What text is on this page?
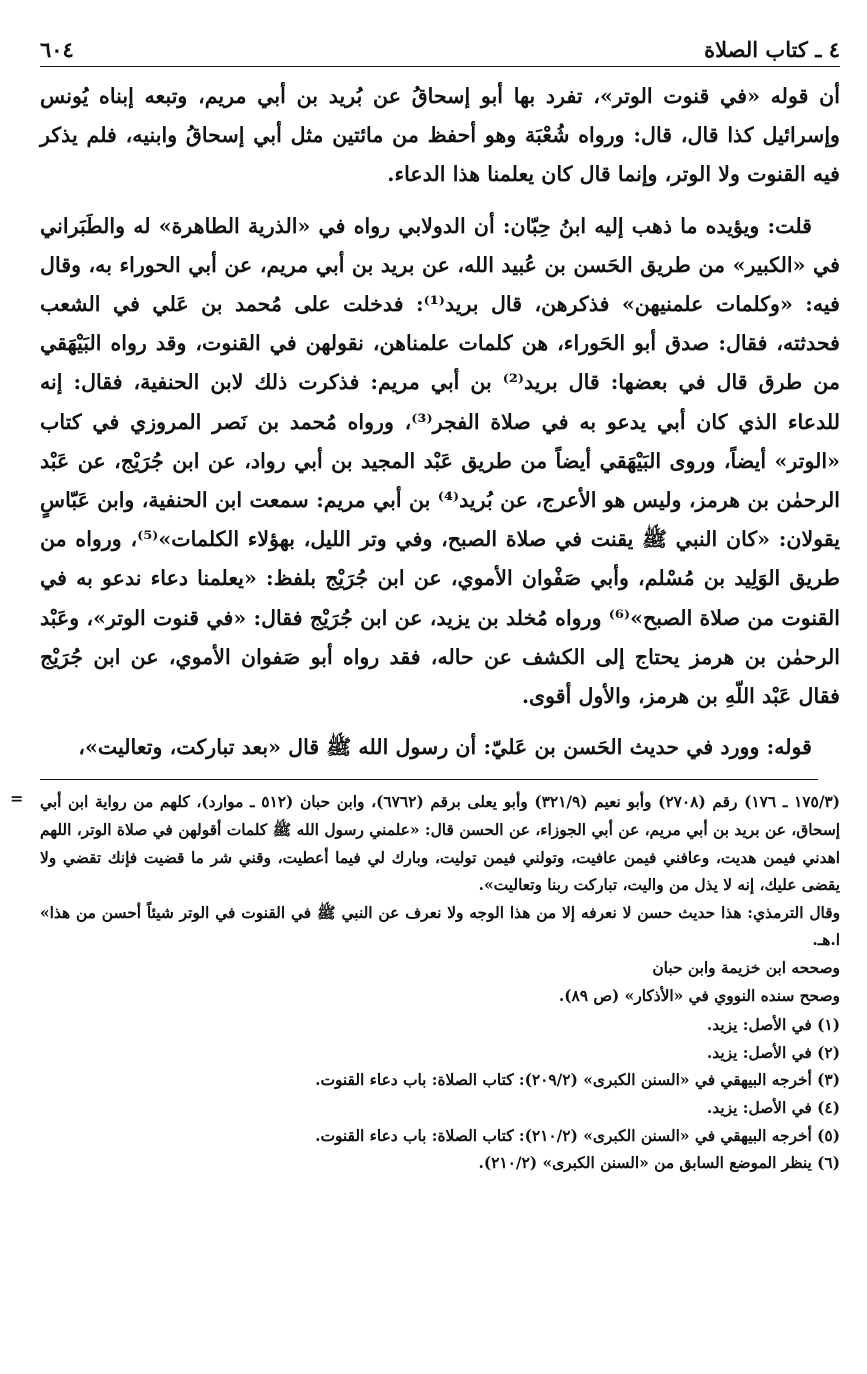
٤ ـ كتاب الصلاة
٦٠٤

أن قوله «في قنوت الوتر»، تفرد بها أبو إسحاقُ عن بُريد بن أبي مريم، وتبعه إبناه يُونس وإسرائيل كذا قال، قال: ورواه شُعْبَة وهو أحفظ من مائتين مثل أبي إسحاقُ وابنيه، فلم يذكر فيه القنوت ولا الوتر، وإنما قال كان يعلمنا هذا الدعاء.

قلت: ويؤيده ما ذهب إليه ابنُ حِبّان: أن الدولابي رواه في «الذرية الطاهرة» له والطَبَراني في «الكبير» من طريق الحَسن بن عُبيد الله، عن بريد بن أبي مريم، عن أبي الحوراء به، وقال فيه: «وكلمات علمنيهن» فذكرهن، قال بريد⁽¹⁾: فدخلت على مُحمد بن عَلي في الشعب فحدثته، فقال: صدق أبو الحَوراء، هن كلمات علمناهن، نقولهن في القنوت، وقد رواه البَيْهَقي من طرق قال في بعضها: قال بريد⁽²⁾ بن أبي مريم: فذكرت ذلك لابن الحنفية، فقال: إنه للدعاء الذي كان أبي يدعو به في صلاة الفجر⁽³⁾، ورواه مُحمد بن نَصر المروزي في كتاب «الوتر» أيضاً، وروى البَيْهَقي أيضاً من طريق عَبْد المجيد بن أبي رواد، عن ابن جُرَيْج، عن عَبْد الرحمٰن بن هرمز، وليس هو الأعرج، عن بُريد⁽⁴⁾ بن أبي مريم: سمعت ابن الحنفية، وابن عَبّاسٍ يقولان: «كان النبي ﷺ يقنت في صلاة الصبح، وفي وتر الليل، بهؤلاء الكلمات»⁽⁵⁾، ورواه من طريق الوَلِيد بن مُسْلم، وأبي صَفْوان الأموي، عن ابن جُرَيْج بلفظ: «يعلمنا دعاء ندعو به في القنوت من صلاة الصبح»⁽⁶⁾ ورواه مُخلد بن يزيد، عن ابن جُرَيْج فقال: «في قنوت الوتر»، وعَبْد الرحمٰن بن هرمز يحتاج إلى الكشف عن حاله، فقد رواه أبو صَفوان الأموي، عن ابن جُرَيْج فقال عَبْد اللّهِ بن هرمز، والأول أقوى.

قوله: وورد في حديث الحَسن بن عَليّ: أن رسول الله ﷺ قال «بعد تباركت، وتعاليت»،

= (١٧٥/٣ ـ ١٧٦) رقم (٢٧٠٨) وأبو نعيم (٣٢١/٩) وأبو يعلى برقم (٦٧٦٢)، وابن حبان (٥١٢ ـ موارد)، كلهم من رواية ابن أبي إسحاق، عن بريد بن أبي مريم، عن أبي الجوزاء، عن الحسن قال: «علمني رسول الله ﷺ كلمات أقولهن في صلاة الوتر، اللهم اهدني فيمن هديت، وعافني فيمن عافيت، وتولني فيمن توليت، وبارك لي فيما أعطيت، وقني شر ما قضيت فإنك تقضي ولا يقضى عليك، إنه لا يذل من واليت، تباركت ربنا وتعاليت».

وقال الترمذي: هذا حديث حسن لا نعرفه إلا من هذا الوجه ولا نعرف عن النبي ﷺ في القنوت في الوتر شيئاً أحسن من هذا» ا.هـ.

وصححه ابن خزيمة وابن حبان

وصحح سنده النووي في «الأذكار» (ص ٨٩).

(١) في الأصل: يزيد.

(٢) في الأصل: يزيد.

(٣) أخرجه البيهقي في «السنن الكبرى» (٢٠٩/٢): كتاب الصلاة: باب دعاء القنوت.

(٤) في الأصل: يزيد.

(٥) أخرجه البيهقي في «السنن الكبرى» (٢١٠/٢): كتاب الصلاة: باب دعاء القنوت.

(٦) ينظر الموضع السابق من «السنن الكبرى» (٢١٠/٢).
